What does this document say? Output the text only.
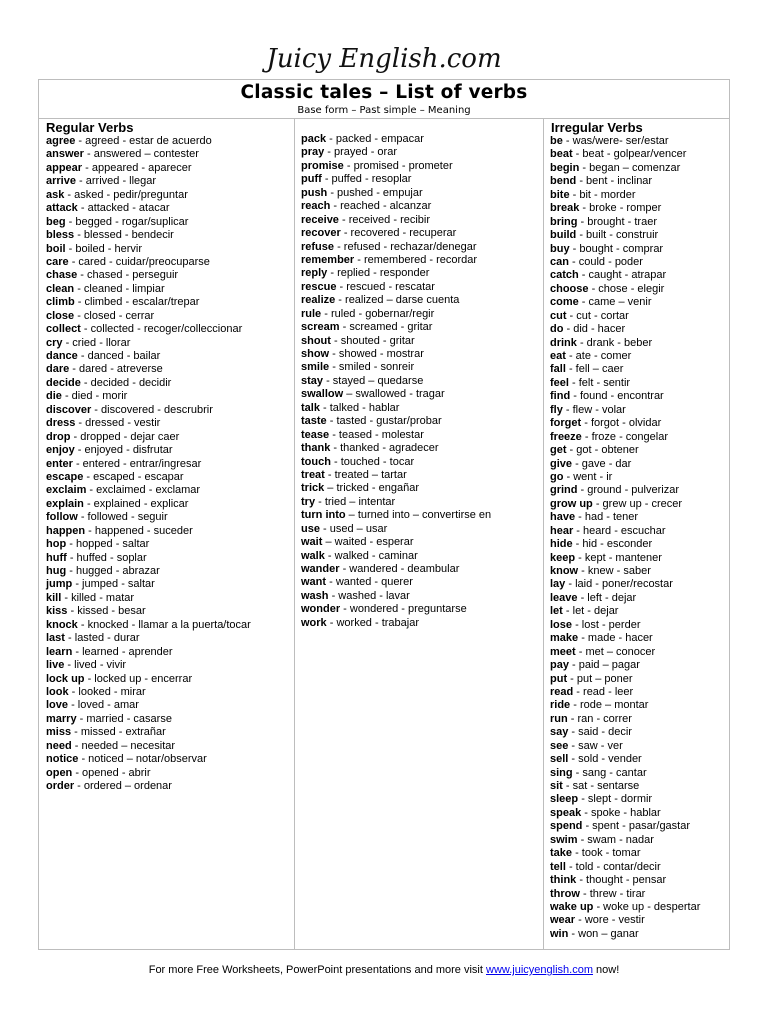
Juicy English.com
Classic tales – List of verbs
Base form – Past simple – Meaning
Regular Verbs
agree - agreed - estar de acuerdo
answer - answered – contester
appear - appeared - aparecer
arrive - arrived - llegar
ask - asked - pedir/preguntar
attack - attacked - atacar
beg - begged - rogar/suplicar
bless - blessed - bendecir
boil - boiled - hervir
care - cared - cuidar/preocuparse
chase - chased - perseguir
clean - cleaned - limpiar
climb - climbed - escalar/trepar
close - closed - cerrar
collect - collected - recoger/colleccionar
cry - cried - llorar
dance - danced - bailar
dare - dared - atreverse
decide - decided - decidir
die - died - morir
discover - discovered - descrubrir
dress - dressed - vestir
drop - dropped - dejar caer
enjoy - enjoyed - disfrutar
enter - entered - entrar/ingresar
escape - escaped - escapar
exclaim - exclaimed - exclamar
explain - explained - explicar
follow - followed - seguir
happen - happened - suceder
hop - hopped - saltar
huff - huffed - soplar
hug - hugged - abrazar
jump - jumped - saltar
kill - killed - matar
kiss - kissed - besar
knock - knocked - llamar a la puerta/tocar
last - lasted - durar
learn - learned - aprender
live - lived - vivir
lock up - locked up - encerrar
look - looked - mirar
love - loved - amar
marry - married - casarse
miss - missed - extrañar
need - needed – necesitar
notice - noticed – notar/observar
open - opened - abrir
order - ordered – ordenar
pack - packed - empacar
pray - prayed - orar
promise - promised - prometer
puff - puffed - resoplar
push - pushed - empujar
reach - reached - alcanzar
receive - received - recibir
recover - recovered - recuperar
refuse - refused - rechazar/denegar
remember - remembered - recordar
reply - replied - responder
rescue - rescued - rescatar
realize - realized – darse cuenta
rule - ruled - gobernar/regir
scream - screamed - gritar
shout - shouted - gritar
show - showed - mostrar
smile - smiled - sonreir
stay - stayed – quedarse
swallow – swallowed - tragar
talk - talked - hablar
taste - tasted - gustar/probar
tease - teased - molestar
thank - thanked - agradecer
touch - touched - tocar
treat - treated – tartar
trick – tricked - engañar
try - tried – intentar
turn into – turned into – convertirse en
use - used – usar
wait – waited - esperar
walk - walked - caminar
wander - wandered - deambular
want - wanted - querer
wash - washed - lavar
wonder - wondered - preguntarse
work - worked - trabajar
Irregular Verbs
be - was/were- ser/estar
beat - beat - golpear/vencer
begin - began – comenzar
bend - bent - inclinar
bite - bit - morder
break - broke - romper
bring - brought - traer
build - built - construir
buy - bought - comprar
can - could - poder
catch - caught - atrapar
choose - chose - elegir
come - came – venir
cut - cut - cortar
do - did - hacer
drink - drank - beber
eat - ate - comer
fall - fell – caer
feel - felt - sentir
find - found - encontrar
fly - flew - volar
forget - forgot - olvidar
freeze - froze - congelar
get - got - obtener
give - gave - dar
go - went - ir
grind - ground - pulverizar
grow up - grew up - crecer
have - had - tener
hear - heard - escuchar
hide - hid - esconder
keep - kept - mantener
know - knew - saber
lay - laid - poner/recostar
leave - left - dejar
let - let - dejar
lose - lost - perder
make - made - hacer
meet - met – conocer
pay - paid – pagar
put - put – poner
read - read - leer
ride - rode – montar
run - ran - correr
say - said - decir
see - saw - ver
sell - sold - vender
sing - sang - cantar
sit - sat - sentarse
sleep - slept - dormir
speak - spoke - hablar
spend - spent - pasar/gastar
swim - swam - nadar
take - took - tomar
tell - told - contar/decir
think - thought - pensar
throw - threw - tirar
wake up - woke up - despertar
wear - wore - vestir
win - won – ganar
For more Free Worksheets, PowerPoint presentations and more visit www.juicyenglish.com now!
